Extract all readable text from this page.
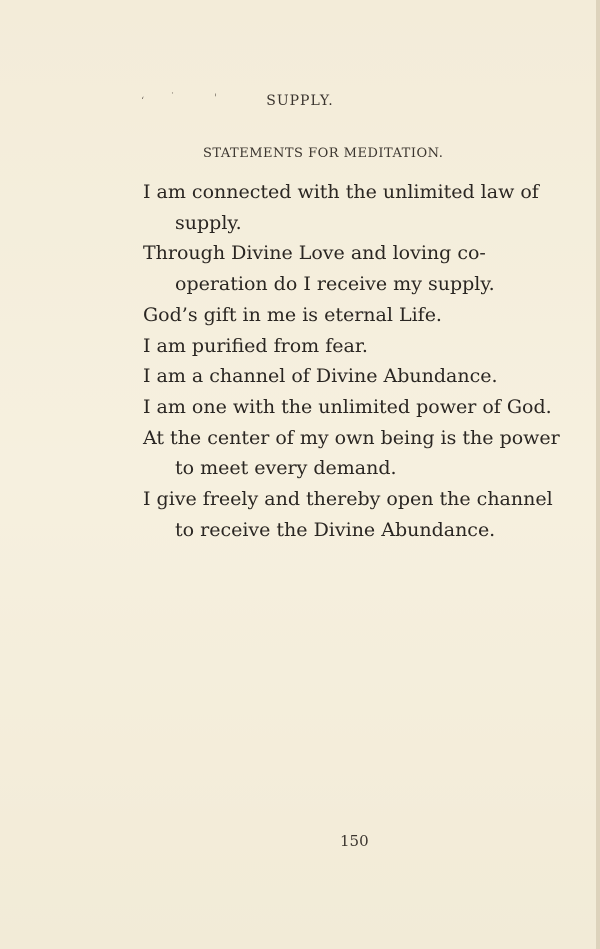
‘	˙	'	SUPPLY.
STATEMENTS FOR MEDITATION.
I am connected with the unlimited law of supply.
Through Divine Love and loving co-operation do I receive my supply.
God’s gift in me is eternal Life.
I am purified from fear.
I am a channel of Divine Abundance.
I am one with the unlimited power of God.
At the center of my own being is the power to meet every demand.
I give freely and thereby open the channel to receive the Divine Abundance.
150
